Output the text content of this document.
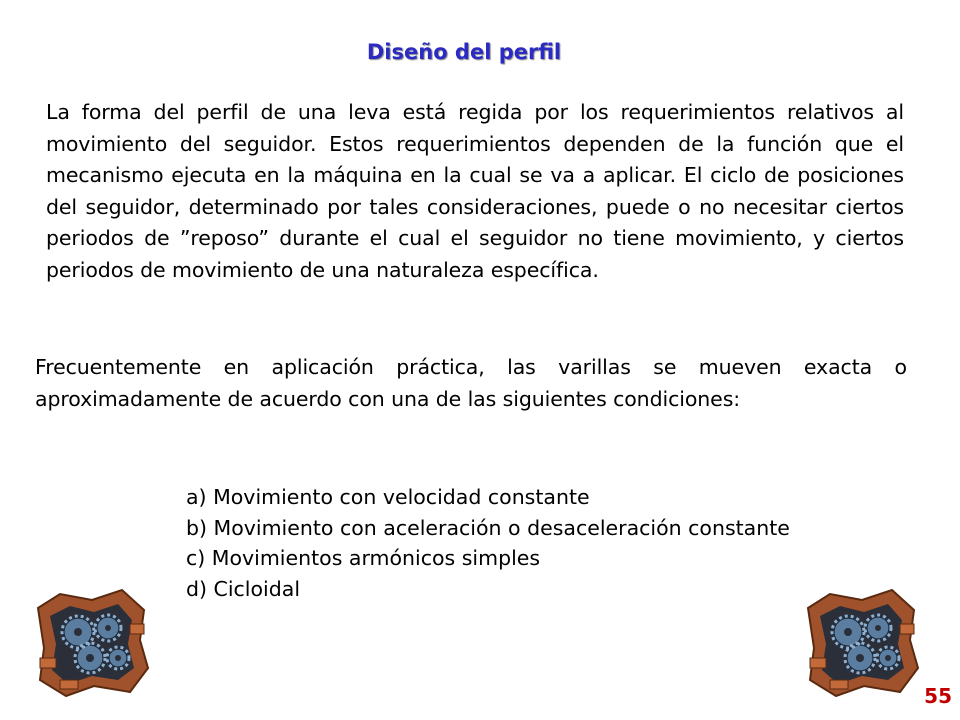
Diseño del perfil
La forma del perfil de una leva está regida por los requerimientos relativos al movimiento del seguidor. Estos requerimientos dependen de la función que el mecanismo ejecuta en la máquina en la cual se va a aplicar. El ciclo de posiciones del seguidor, determinado por tales consideraciones, puede o no necesitar ciertos periodos de ”reposo” durante el cual el seguidor no tiene movimiento, y ciertos periodos de movimiento de una naturaleza específica.
Frecuentemente en aplicación práctica, las varillas se mueven exacta o aproximadamente de acuerdo con una de las siguientes condiciones:
a) Movimiento con velocidad constante
b) Movimiento con aceleración o desaceleración constante
c) Movimientos armónicos simples
d) Cicloidal
55
